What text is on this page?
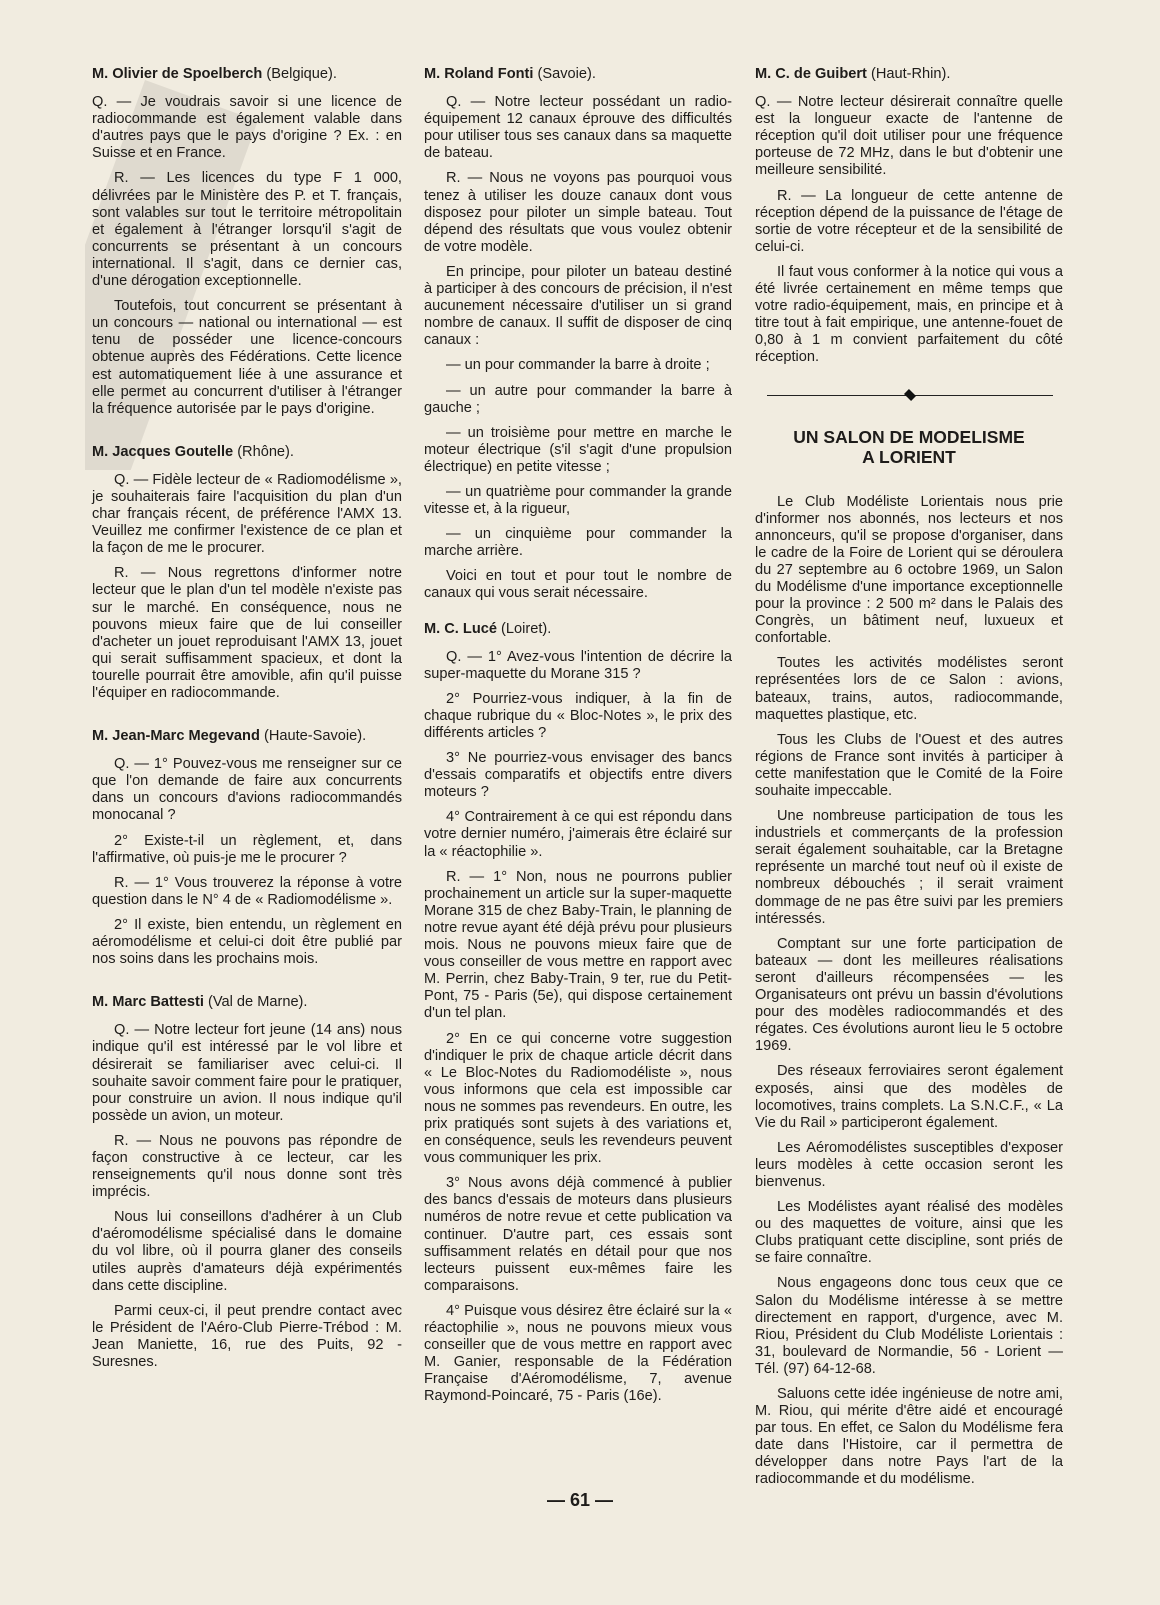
M. Olivier de Spoelberch (Belgique).

Q. — Je voudrais savoir si une licence de radiocommande est également valable dans d'autres pays que le pays d'origine ? Ex. : en Suisse et en France.

R. — Les licences du type F 1 000, délivrées par le Ministère des P. et T. français, sont valables sur tout le territoire métropolitain et également à l'étranger lorsqu'il s'agit de concurrents se présentant à un concours international. Il s'agit, dans ce dernier cas, d'une dérogation exceptionnelle.

Toutefois, tout concurrent se présentant à un concours — national ou international — est tenu de posséder une licence-concours obtenue auprès des Fédérations. Cette licence est automatiquement liée à une assurance et elle permet au concurrent d'utiliser à l'étranger la fréquence autorisée par le pays d'origine.

M. Jacques Goutelle (Rhône).

Q. — Fidèle lecteur de « Radiomodélisme », je souhaiterais faire l'acquisition du plan d'un char français récent, de préférence l'AMX 13. Veuillez me confirmer l'existence de ce plan et la façon de me le procurer.

R. — Nous regrettons d'informer notre lecteur que le plan d'un tel modèle n'existe pas sur le marché. En conséquence, nous ne pouvons mieux faire que de lui conseiller d'acheter un jouet reproduisant l'AMX 13, jouet qui serait suffisamment spacieux, et dont la tourelle pourrait être amovible, afin qu'il puisse l'équiper en radiocommande.

M. Jean-Marc Megevand (Haute-Savoie).

Q. — 1° Pouvez-vous me renseigner sur ce que l'on demande de faire aux concurrents dans un concours d'avions radiocommandés monocanal ?

2° Existe-t-il un règlement, et, dans l'affirmative, où puis-je me le procurer ?

R. — 1° Vous trouverez la réponse à votre question dans le N° 4 de « Radiomodélisme ».

2° Il existe, bien entendu, un règlement en aéromodélisme et celui-ci doit être publié par nos soins dans les prochains mois.

M. Marc Battesti (Val de Marne).

Q. — Notre lecteur fort jeune (14 ans) nous indique qu'il est intéressé par le vol libre et désirerait se familiariser avec celui-ci. Il souhaite savoir comment faire pour le pratiquer, pour construire un avion. Il nous indique qu'il possède un avion, un moteur.

R. — Nous ne pouvons pas répondre de façon constructive à ce lecteur, car les renseignements qu'il nous donne sont très imprécis.

Nous lui conseillons d'adhérer à un Club d'aéromodélisme spécialisé dans le domaine du vol libre, où il pourra glaner des conseils utiles auprès d'amateurs déjà expérimentés dans cette discipline.

Parmi ceux-ci, il peut prendre contact avec le Président de l'Aéro-Club Pierre-Trébod : M. Jean Maniette, 16, rue des Puits, 92 - Suresnes.

M. Roland Fonti (Savoie).

Q. — Notre lecteur possédant un radio-équipement 12 canaux éprouve des difficultés pour utiliser tous ses canaux dans sa maquette de bateau.

R. — Nous ne voyons pas pourquoi vous tenez à utiliser les douze canaux dont vous disposez pour piloter un simple bateau. Tout dépend des résultats que vous voulez obtenir de votre modèle.

En principe, pour piloter un bateau destiné à participer à des concours de précision, il n'est aucunement nécessaire d'utiliser un si grand nombre de canaux. Il suffit de disposer de cinq canaux :

— un pour commander la barre à droite ;

— un autre pour commander la barre à gauche ;

— un troisième pour mettre en marche le moteur électrique (s'il s'agit d'une propulsion électrique) en petite vitesse ;

— un quatrième pour commander la grande vitesse et, à la rigueur,

— un cinquième pour commander la marche arrière.

Voici en tout et pour tout le nombre de canaux qui vous serait nécessaire.

M. C. Lucé (Loiret).

Q. — 1° Avez-vous l'intention de décrire la super-maquette du Morane 315 ?

2° Pourriez-vous indiquer, à la fin de chaque rubrique du « Bloc-Notes », le prix des différents articles ?

3° Ne pourriez-vous envisager des bancs d'essais comparatifs et objectifs entre divers moteurs ?

4° Contrairement à ce qui est répondu dans votre dernier numéro, j'aimerais être éclairé sur la « réactophilie ».

R. — 1° Non, nous ne pourrons publier prochainement un article sur la super-maquette Morane 315 de chez Baby-Train, le planning de notre revue ayant été déjà prévu pour plusieurs mois. Nous ne pouvons mieux faire que de vous conseiller de vous mettre en rapport avec M. Perrin, chez Baby-Train, 9 ter, rue du Petit-Pont, 75 - Paris (5e), qui dispose certainement d'un tel plan.

2° En ce qui concerne votre suggestion d'indiquer le prix de chaque article décrit dans « Le Bloc-Notes du Radiomodéliste », nous vous informons que cela est impossible car nous ne sommes pas revendeurs. En outre, les prix pratiqués sont sujets à des variations et, en conséquence, seuls les revendeurs peuvent vous communiquer les prix.

3° Nous avons déjà commencé à publier des bancs d'essais de moteurs dans plusieurs numéros de notre revue et cette publication va continuer. D'autre part, ces essais sont suffisamment relatés en détail pour que nos lecteurs puissent eux-mêmes faire les comparaisons.

4° Puisque vous désirez être éclairé sur la « réactophilie », nous ne pouvons mieux vous conseiller que de vous mettre en rapport avec M. Ganier, responsable de la Fédération Française d'Aéromodélisme, 7, avenue Raymond-Poincaré, 75 - Paris (16e).

M. C. de Guibert (Haut-Rhin).

Q. — Notre lecteur désirerait connaître quelle est la longueur exacte de l'antenne de réception qu'il doit utiliser pour une fréquence porteuse de 72 MHz, dans le but d'obtenir une meilleure sensibilité.

R. — La longueur de cette antenne de réception dépend de la puissance de l'étage de sortie de votre récepteur et de la sensibilité de celui-ci.

Il faut vous conformer à la notice qui vous a été livrée certainement en même temps que votre radio-équipement, mais, en principe et à titre tout à fait empirique, une antenne-fouet de 0,80 à 1 m convient parfaitement du côté réception.

UN SALON DE MODELISME
A LORIENT

Le Club Modéliste Lorientais nous prie d'informer nos abonnés, nos lecteurs et nos annonceurs, qu'il se propose d'organiser, dans le cadre de la Foire de Lorient qui se déroulera du 27 septembre au 6 octobre 1969, un Salon du Modélisme d'une importance exceptionnelle pour la province : 2 500 m² dans le Palais des Congrès, un bâtiment neuf, luxueux et confortable.

Toutes les activités modélistes seront représentées lors de ce Salon : avions, bateaux, trains, autos, radiocommande, maquettes plastique, etc.

Tous les Clubs de l'Ouest et des autres régions de France sont invités à participer à cette manifestation que le Comité de la Foire souhaite impeccable.

Une nombreuse participation de tous les industriels et commerçants de la profession serait également souhaitable, car la Bretagne représente un marché tout neuf où il existe de nombreux débouchés ; il serait vraiment dommage de ne pas être suivi par les premiers intéressés.

Comptant sur une forte participation de bateaux — dont les meilleures réalisations seront d'ailleurs récompensées — les Organisateurs ont prévu un bassin d'évolutions pour des modèles radiocommandés et des régates. Ces évolutions auront lieu le 5 octobre 1969.

Des réseaux ferroviaires seront également exposés, ainsi que des modèles de locomotives, trains complets. La S.N.C.F., « La Vie du Rail » participeront également.

Les Aéromodélistes susceptibles d'exposer leurs modèles à cette occasion seront les bienvenus.

Les Modélistes ayant réalisé des modèles ou des maquettes de voiture, ainsi que les Clubs pratiquant cette discipline, sont priés de se faire connaître.

Nous engageons donc tous ceux que ce Salon du Modélisme intéresse à se mettre directement en rapport, d'urgence, avec M. Riou, Président du Club Modéliste Lorientais : 31, boulevard de Normandie, 56 - Lorient — Tél. (97) 64-12-68.

Saluons cette idée ingénieuse de notre ami, M. Riou, qui mérite d'être aidé et encouragé par tous. En effet, ce Salon du Modélisme fera date dans l'Histoire, car il permettra de développer dans notre Pays l'art de la radiocommande et du modélisme.

— 61 —
